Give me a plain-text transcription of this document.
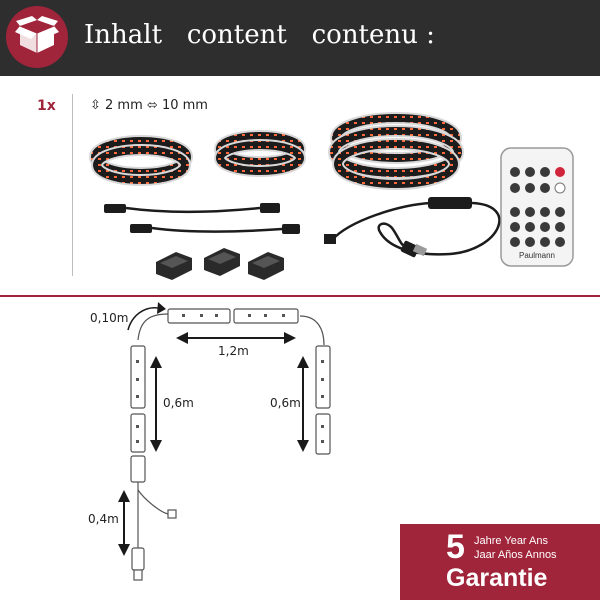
Inhalt   content   contenu :
1x	⇳ 2 mm ⬄ 10 mm
Paulmann
0,10m
1,2m
0,6m	0,6m
0,4m
5 Jahre Year Ans
Jaar Años Annos
Garantie
